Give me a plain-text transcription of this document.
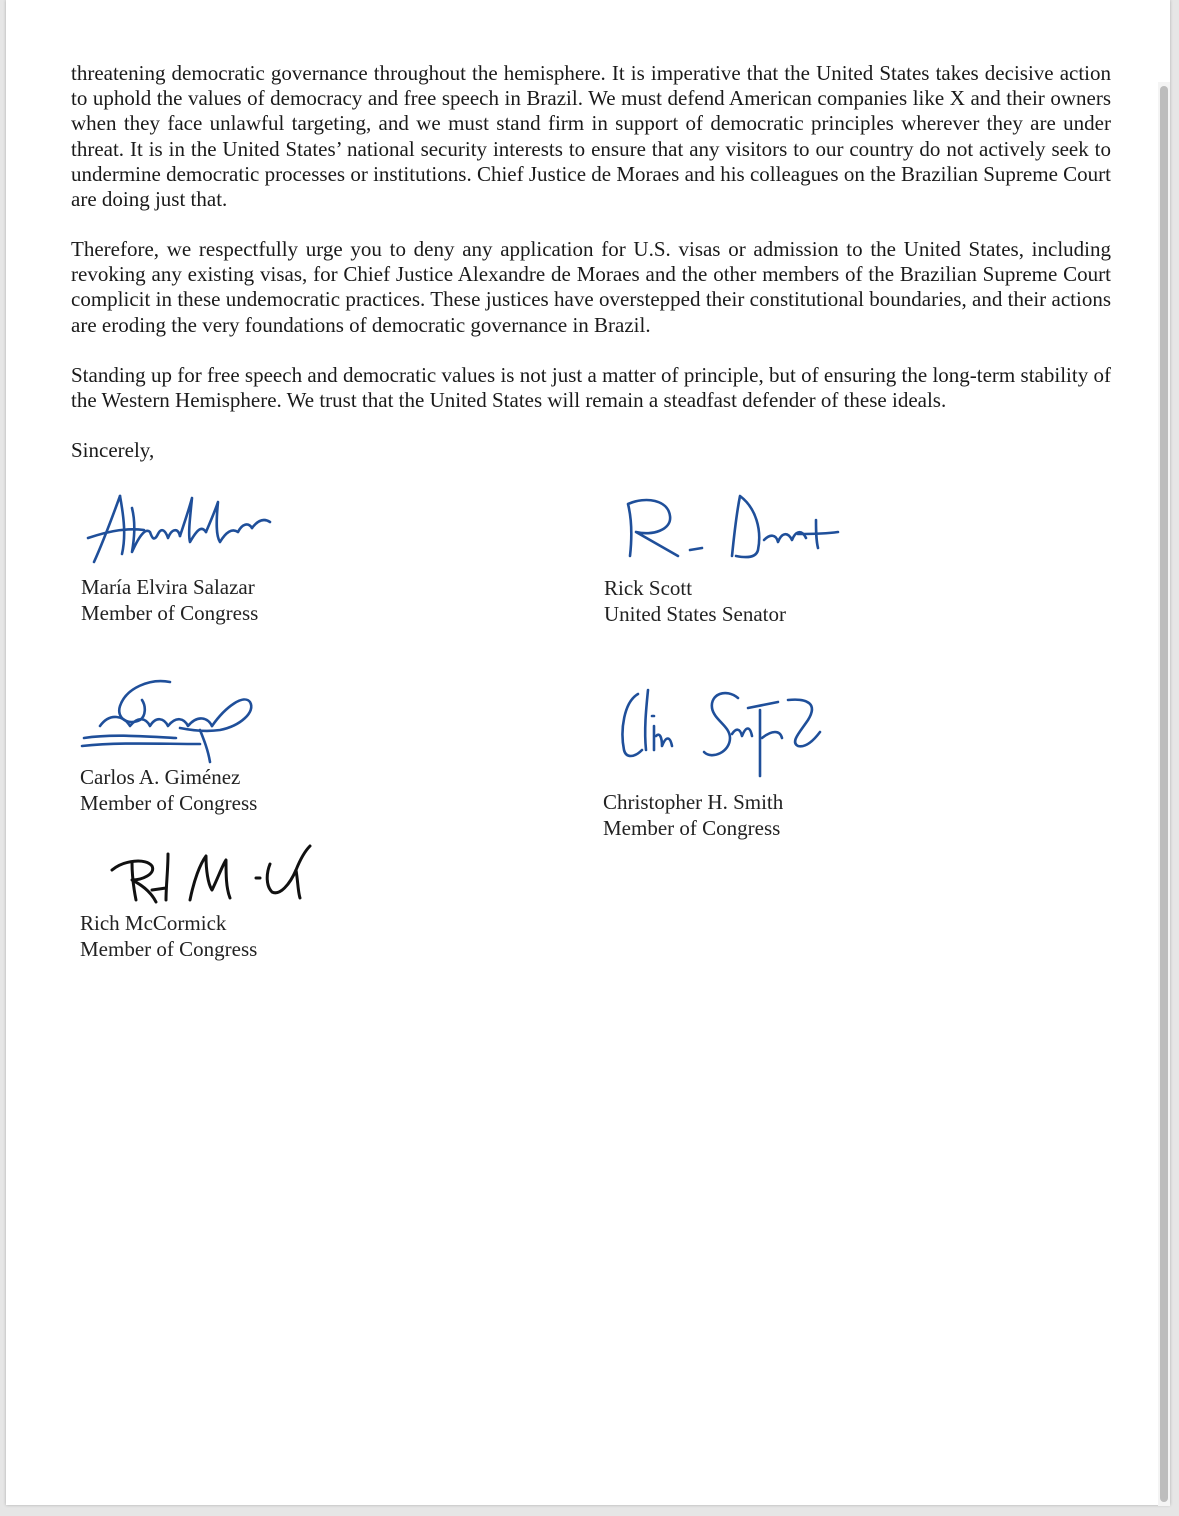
threatening democratic governance throughout the hemisphere. It is imperative that the United States takes decisive action to uphold the values of democracy and free speech in Brazil. We must defend American companies like X and their owners when they face unlawful targeting, and we must stand firm in support of democratic principles wherever they are under threat. It is in the United States’ national security interests to ensure that any visitors to our country do not actively seek to undermine democratic processes or institutions. Chief Justice de Moraes and his colleagues on the Brazilian Supreme Court are doing just that.

Therefore, we respectfully urge you to deny any application for U.S. visas or admission to the United States, including revoking any existing visas, for Chief Justice Alexandre de Moraes and the other members of the Brazilian Supreme Court complicit in these undemocratic practices. These justices have overstepped their constitutional boundaries, and their actions are eroding the very foundations of democratic governance in Brazil.

Standing up for free speech and democratic values is not just a matter of principle, but of ensuring the long-term stability of the Western Hemisphere. We trust that the United States will remain a steadfast defender of these ideals.

Sincerely,

María Elvira Salazar
Member of Congress
Rick Scott
United States Senator
Carlos A. Giménez
Member of Congress	Christopher H. Smith
Member of Congress
Rich McCormick
Member of Congress
